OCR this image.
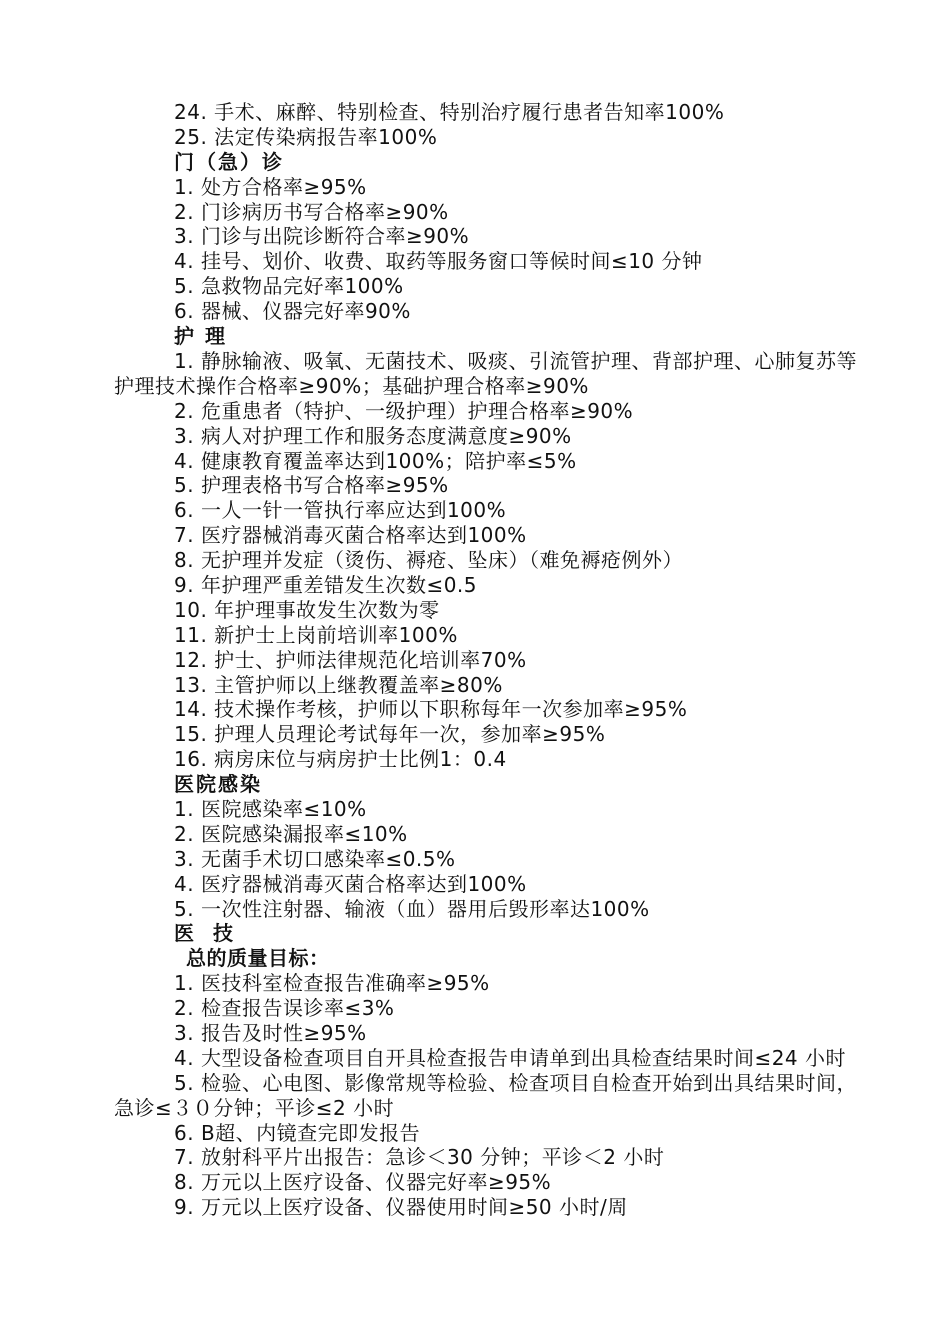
24. 手术、麻醉、特别检查、特别治疗履行患者告知率100%
25. 法定传染病报告率100%
门（急）诊
1. 处方合格率≥95%
2. 门诊病历书写合格率≥90%
3. 门诊与出院诊断符合率≥90%
4. 挂号、划价、收费、取药等服务窗口等候时间≤10 分钟
5. 急救物品完好率100%
6. 器械、仪器完好率90%
护 理
1. 静脉输液、吸氧、无菌技术、吸痰、引流管护理、背部护理、心肺复苏等护理技术操作合格率≥90%；基础护理合格率≥90%
2. 危重患者（特护、一级护理）护理合格率≥90%
3. 病人对护理工作和服务态度满意度≥90%
4. 健康教育覆盖率达到100%；陪护率≤5%
5. 护理表格书写合格率≥95%
6. 一人一针一管执行率应达到100%
7. 医疗器械消毒灭菌合格率达到100%
8. 无护理并发症（烫伤、褥疮、坠床）（难免褥疮例外）
9. 年护理严重差错发生次数≤0.5
10. 年护理事故发生次数为零
11. 新护士上岗前培训率100%
12. 护士、护师法律规范化培训率70%
13. 主管护师以上继教覆盖率≥80%
14. 技术操作考核，护师以下职称每年一次参加率≥95%
15. 护理人员理论考试每年一次，参加率≥95%
16. 病房床位与病房护士比例1：0.4
医院感染
1. 医院感染率≤10%
2. 医院感染漏报率≤10%
3. 无菌手术切口感染率≤0.5%
4. 医疗器械消毒灭菌合格率达到100%
5. 一次性注射器、输液（血）器用后毁形率达100%
医 技
总的质量目标：
1. 医技科室检查报告准确率≥95%
2. 检查报告误诊率≤3%
3. 报告及时性≥95%
4. 大型设备检查项目自开具检查报告申请单到出具检查结果时间≤24 小时
5. 检验、心电图、影像常规等检验、检查项目自检查开始到出具结果时间，急诊≤３０分钟；平诊≤2 小时
6. B超、内镜查完即发报告
7. 放射科平片出报告：急诊＜30 分钟；平诊＜2 小时
8. 万元以上医疗设备、仪器完好率≥95%
9. 万元以上医疗设备、仪器使用时间≥50 小时/周
